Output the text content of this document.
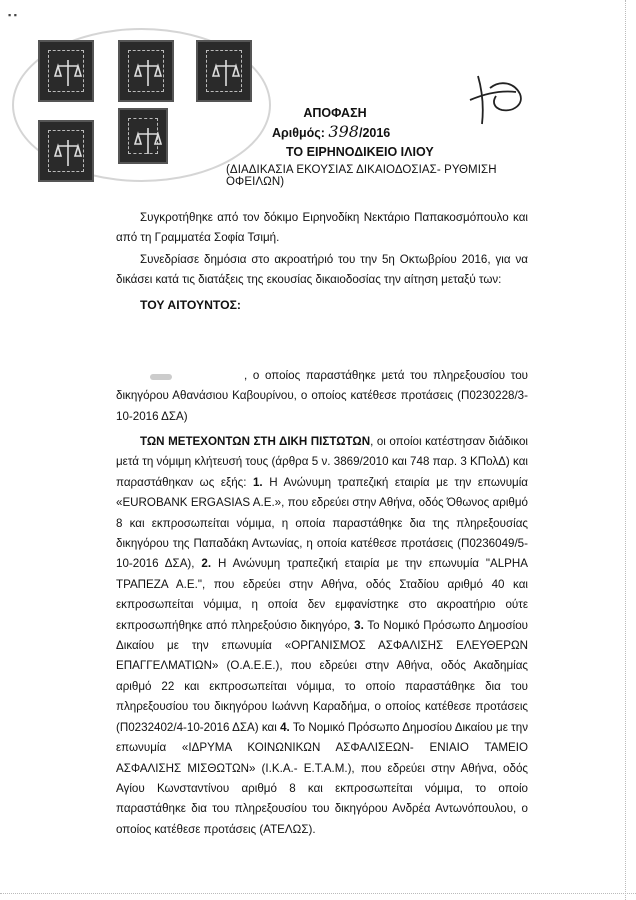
▪ ▪
ΑΠΟΦΑΣΗ
Αριθμός: 398/2016
ΤΟ ΕΙΡΗΝΟΔΙΚΕΙΟ ΙΛΙΟΥ
(ΔΙΑΔΙΚΑΣΙΑ ΕΚΟΥΣΙΑΣ ΔΙΚΑΙΟΔΟΣΙΑΣ- ΡΥΘΜΙΣΗ ΟΦΕΙΛΩΝ)
Συγκροτήθηκε από τον δόκιμο Ειρηνοδίκη Νεκτάριο Παπακοσμόπουλο και από τη Γραμματέα Σοφία Τσιμή.
Συνεδρίασε δημόσια στο ακροατήριό του την 5η Οκτωβρίου 2016, για να δικάσει κατά τις διατάξεις της εκουσίας δικαιοδοσίας την αίτηση μεταξύ των:
ΤΟΥ ΑΙΤΟΥΝΤΟΣ:
, ο οποίος παραστάθηκε μετά του πληρεξουσίου του δικηγόρου Αθανάσιου Καβουρίνου, ο οποίος κατέθεσε προτάσεις (Π0230228/3-10-2016 ΔΣΑ)
ΤΩΝ ΜΕΤΕΧΟΝΤΩΝ ΣΤΗ ΔΙΚΗ ΠΙΣΤΩΤΩΝ, οι οποίοι κατέστησαν διάδικοι μετά τη νόμιμη κλήτευσή τους (άρθρα 5 ν. 3869/2010 και 748 παρ. 3 ΚΠολΔ) και παραστάθηκαν ως εξής: 1. Η Ανώνυμη τραπεζική εταιρία με την επωνυμία «EUROBANK ERGASIAS A.E.», που εδρεύει στην Αθήνα, οδός Όθωνος αριθμό 8 και εκπροσωπείται νόμιμα, η οποία παραστάθηκε δια της πληρεξουσίας δικηγόρου της Παπαδάκη Αντωνίας, η οποία κατέθεσε προτάσεις (Π0236049/5-10-2016 ΔΣΑ), 2. Η Ανώνυμη τραπεζική εταιρία με την επωνυμία "ALPHA ΤΡΑΠΕΖΑ Α.Ε.", που εδρεύει στην Αθήνα, οδός Σταδίου αριθμό 40 και εκπροσωπείται νόμιμα, η οποία δεν εμφανίστηκε στο ακροατήριο ούτε εκπροσωπήθηκε από πληρεξούσιο δικηγόρο, 3. Το Νομικό Πρόσωπο Δημοσίου Δικαίου με την επωνυμία «ΟΡΓΑΝΙΣΜΟΣ ΑΣΦΑΛΙΣΗΣ ΕΛΕΥΘΕΡΩΝ ΕΠΑΓΓΕΛΜΑΤΙΩΝ» (Ο.Α.Ε.Ε.), που εδρεύει στην Αθήνα, οδός Ακαδημίας αριθμό 22 και εκπροσωπείται νόμιμα, το οποίο παραστάθηκε δια του πληρεξουσίου του δικηγόρου Ιωάννη Καραδήμα, ο οποίος κατέθεσε προτάσεις (Π0232402/4-10-2016 ΔΣΑ) και 4. Το Νομικό Πρόσωπο Δημοσίου Δικαίου με την επωνυμία «ΙΔΡΥΜΑ ΚΟΙΝΩΝΙΚΩΝ ΑΣΦΑΛΙΣΕΩΝ- ΕΝΙΑΙΟ ΤΑΜΕΙΟ ΑΣΦΑΛΙΣΗΣ ΜΙΣΘΩΤΩΝ» (Ι.Κ.Α.- Ε.Τ.Α.Μ.), που εδρεύει στην Αθήνα, οδός Αγίου Κωνσταντίνου αριθμό 8 και εκπροσωπείται νόμιμα, το οποίο παραστάθηκε δια του πληρεξουσίου του δικηγόρου Ανδρέα Αντωνόπουλου, ο οποίος κατέθεσε προτάσεις (ΑΤΕΛΩΣ).
